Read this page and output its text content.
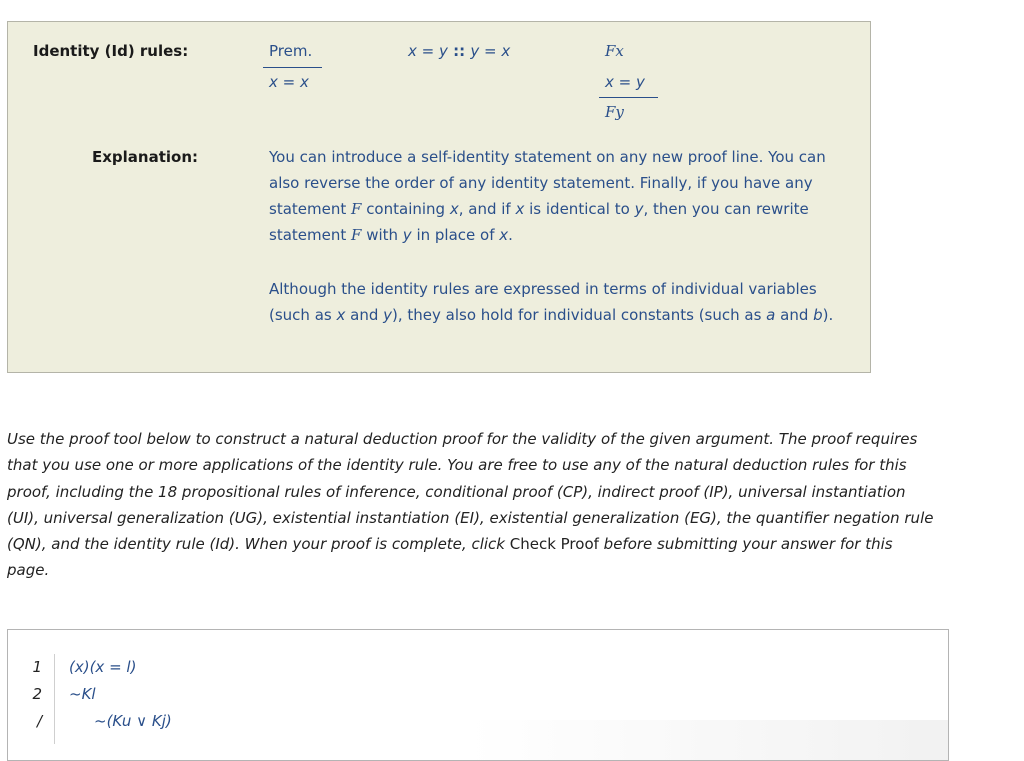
Identity (Id) rules:	Prem.
x = x
x = y :: y = x	Fx
x = y
Fy
Explanation:	You can introduce a self-identity statement on any new proof line. You can also reverse the order of any identity statement. Finally, if you have any statement F containing x, and if x is identical to y, then you can rewrite statement F with y in place of x.
Although the identity rules are expressed in terms of individual variables (such as x and y), they also hold for individual constants (such as a and b).
Use the proof tool below to construct a natural deduction proof for the validity of the given argument. The proof requires that you use one or more applications of the identity rule. You are free to use any of the natural deduction rules for this proof, including the 18 propositional rules of inference, conditional proof (CP), indirect proof (IP), universal instantiation (UI), universal generalization (UG), existential instantiation (EI), existential generalization (EG), the quantifier negation rule (QN), and the identity rule (Id). When your proof is complete, click Check Proof before submitting your answer for this page.
1 (x)(x = l)
2 ~Kl
/	~(Ku ∨ Kj)
